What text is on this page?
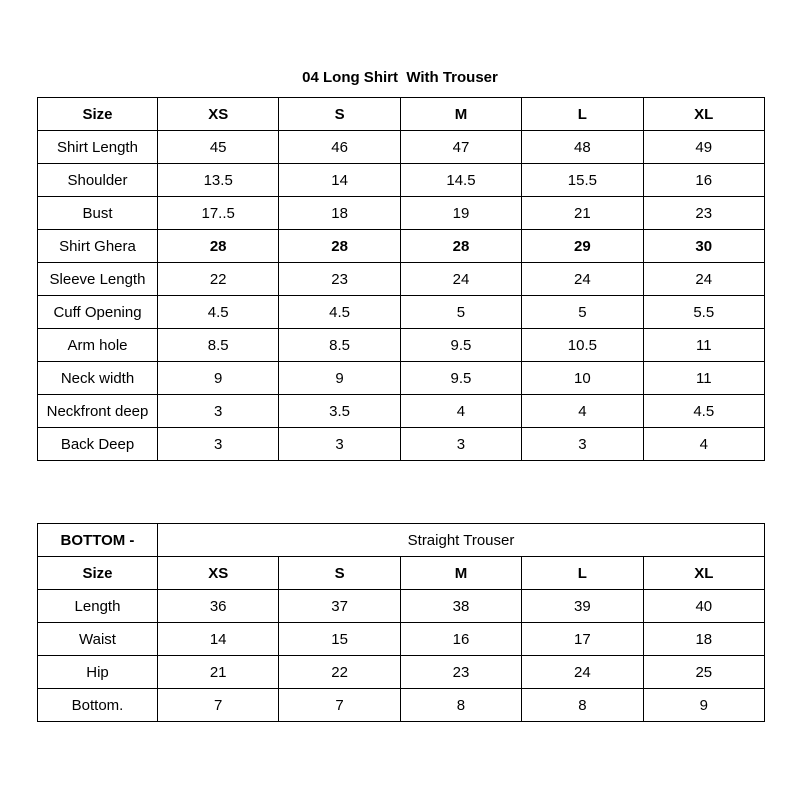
04 Long Shirt  With Trouser
Size	XS	S	M	L	XL
Shirt Length	45	46	47	48	49
Shoulder	13.5	14	14.5	15.5	16
Bust	17..5	18	19	21	23
Shirt Ghera	28	28	28	29	30
Sleeve Length	22	23	24	24	24
Cuff Opening	4.5	4.5	5	5	5.5
Arm hole	8.5	8.5	9.5	10.5	11
Neck width	9	9	9.5	10	11
Neckfront deep	3	3.5	4	4	4.5
Back Deep	3	3	3	3	4
BOTTOM -	Straight Trouser				
Size	XS	S	M	L	XL
Length	36	37	38	39	40
Waist	14	15	16	17	18
Hip	21	22	23	24	25
Bottom.	7	7	8	8	9
